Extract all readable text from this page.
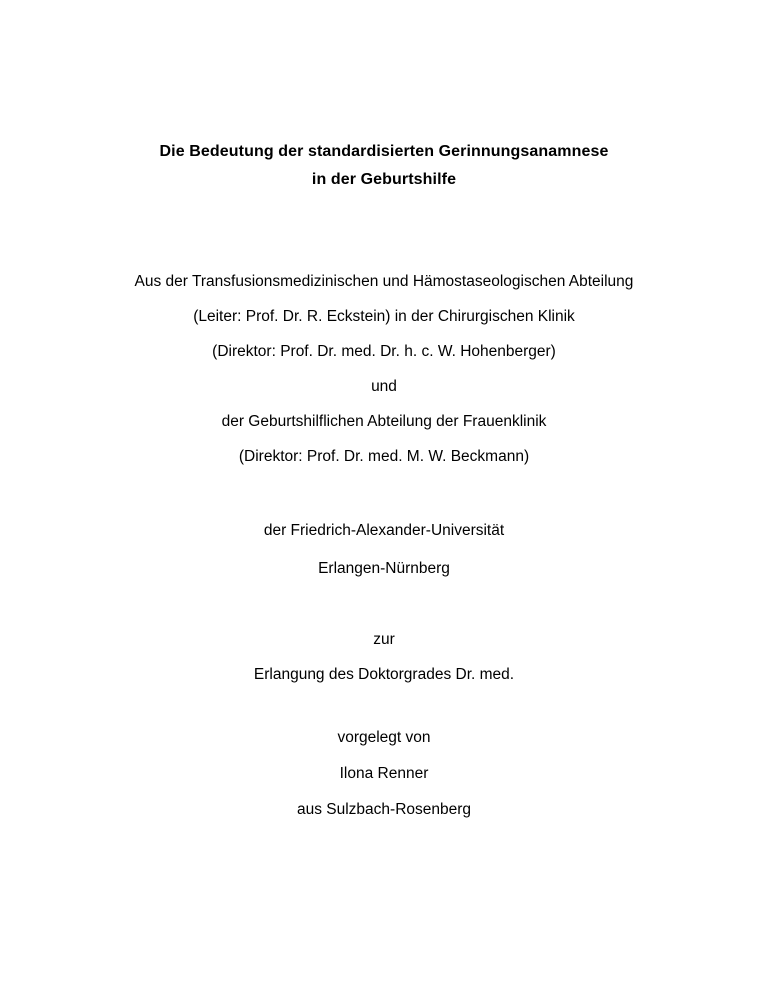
Die Bedeutung der standardisierten Gerinnungsanamnese
in der Geburtshilfe

Aus der Transfusionsmedizinischen und Hämostaseologischen Abteilung

(Leiter: Prof. Dr. R. Eckstein) in der Chirurgischen Klinik

(Direktor: Prof. Dr. med. Dr. h. c. W. Hohenberger)

und

der Geburtshilflichen Abteilung der Frauenklinik

(Direktor: Prof. Dr. med. M. W. Beckmann)

der Friedrich-Alexander-Universität

Erlangen-Nürnberg

zur

Erlangung des Doktorgrades Dr. med.

vorgelegt von

Ilona Renner

aus Sulzbach-Rosenberg
